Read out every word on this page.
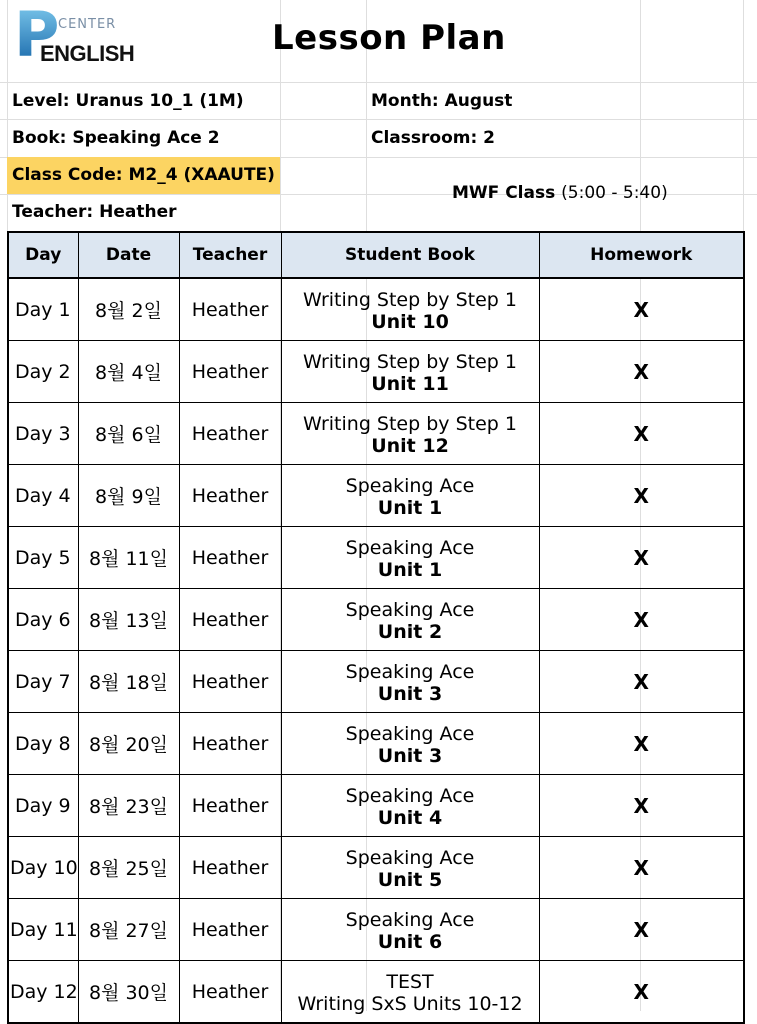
P
CENTER
ENGLISH	Lesson Plan
Level: Uranus 10_1 (1M)	Month: August
Book: Speaking Ace 2	Classroom: 2
Class Code: M2_4 (XAAUTE)
Teacher: Heather
MWF Class (5:00 - 5:40)
Day	Date	Teacher	Student Book	Homework
Day 1	8월 2일	Heather	Writing Step by Step 1
Unit 10	X
Day 2	8월 4일	Heather	Writing Step by Step 1
Unit 11	X
Day 3	8월 6일	Heather	Writing Step by Step 1
Unit 12	X
Day 4	8월 9일	Heather	Speaking Ace
Unit 1	X
Day 5	8월 11일	Heather	Speaking Ace
Unit 1	X
Day 6	8월 13일	Heather	Speaking Ace
Unit 2	X
Day 7	8월 18일	Heather	Speaking Ace
Unit 3	X
Day 8	8월 20일	Heather	Speaking Ace
Unit 3	X
Day 9	8월 23일	Heather	Speaking Ace
Unit 4	X
Day 10	8월 25일	Heather	Speaking Ace
Unit 5	X
Day 11	8월 27일	Heather	Speaking Ace
Unit 6	X
Day 12	8월 30일	Heather	TEST
Writing SxS Units 10-12	X
